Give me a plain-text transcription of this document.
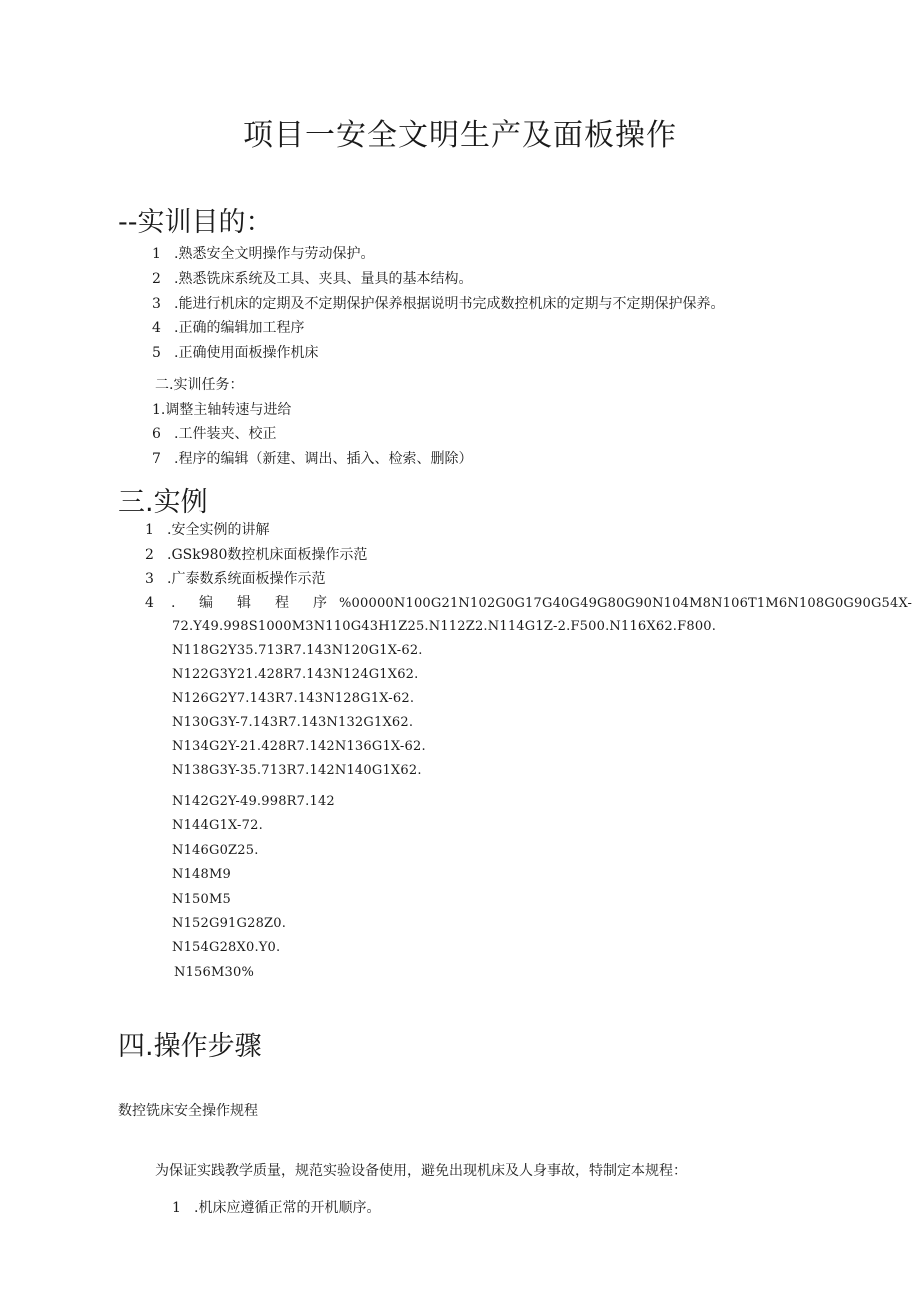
项目一安全文明生产及面板操作
--实训目的：
1 .熟悉安全文明操作与劳动保护。
2 .熟悉铣床系统及工具、夹具、量具的基本结构。
3 .能进行机床的定期及不定期保护保养根据说明书完成数控机床的定期与不定期保护保养。
4 .正确的编辑加工程序
5 .正确使用面板操作机床
二.实训任务：
1.调整主轴转速与进给
6 .工件装夹、校正
7 .程序的编辑（新建、调出、插入、检索、删除）
三.实例
1 .安全实例的讲解
2 .GSk980数控机床面板操作示范
3 .广泰数系统面板操作示范
4 . 编 辑 程 序 %00000N100G21N102G0G17G40G49G80G90N104M8N106T1M6N108G0G90G54X-
72.Y49.998S1000M3N110G43H1Z25.N112Z2.N114G1Z-2.F500.N116X62.F800.
N118G2Y35.713R7.143N120G1X-62.
N122G3Y21.428R7.143N124G1X62.
N126G2Y7.143R7.143N128G1X-62.
N130G3Y-7.143R7.143N132G1X62.
N134G2Y-21.428R7.142N136G1X-62.
N138G3Y-35.713R7.142N140G1X62.
N142G2Y-49.998R7.142
N144G1X-72.
N146G0Z25.
N148M9
N150M5
N152G91G28Z0.
N154G28X0.Y0.
N156M30%
四.操作步骤
数控铣床安全操作规程
为保证实践教学质量，规范实验设备使用，避免出现机床及人身事故，特制定本规程：
1 .机床应遵循正常的开机顺序。
